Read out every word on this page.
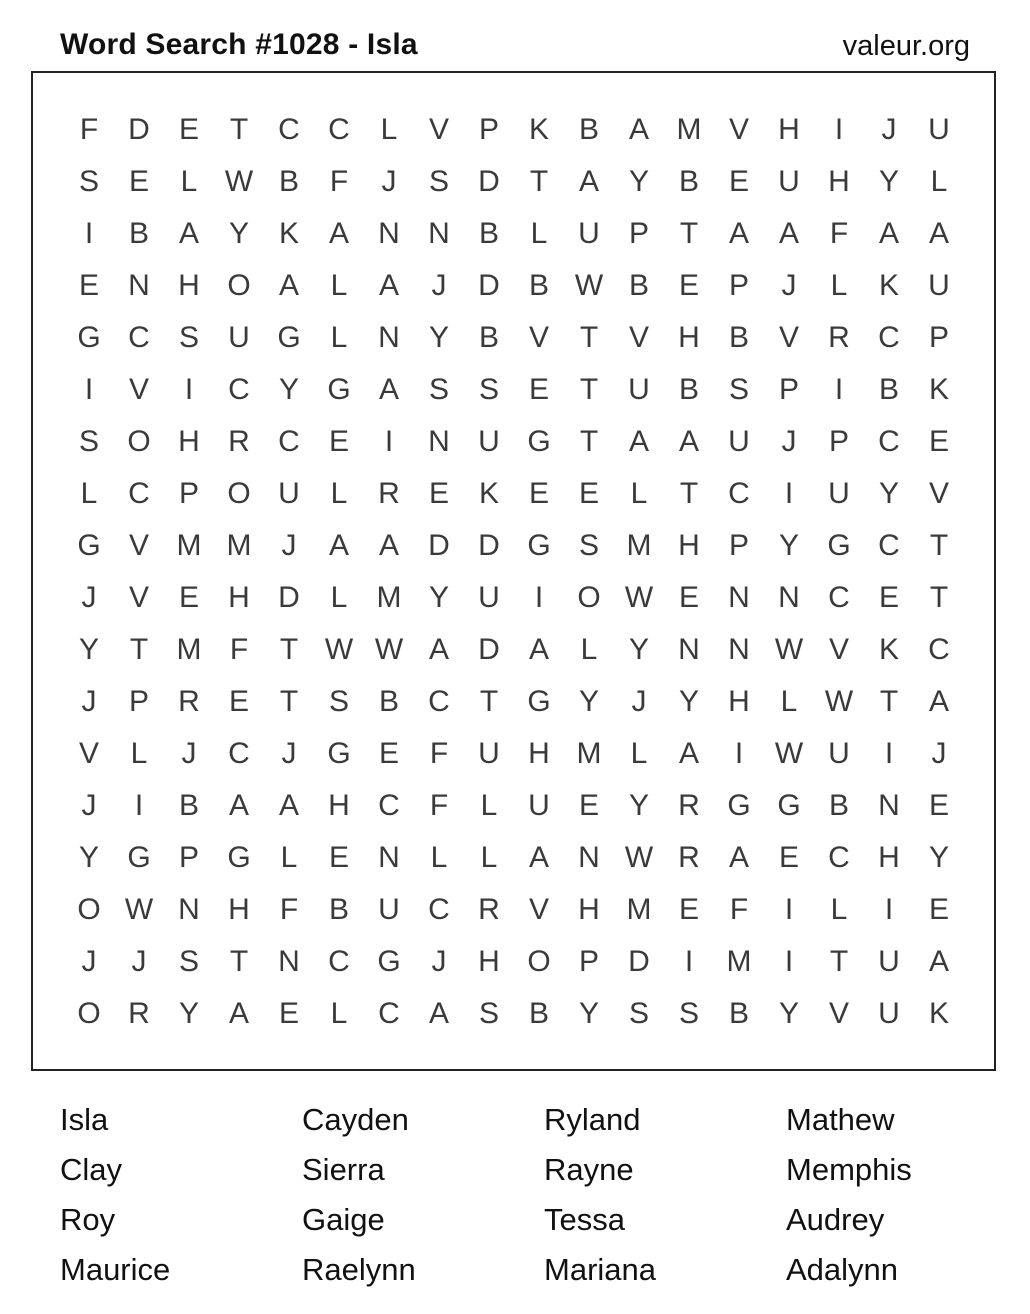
Word Search #1028 - Isla	valeur.org
F	D E	T	C C	L	V P K B A M V H	I	J	U
S E	L W B	F	J	S D	T	A Y B E U H Y	L
I	B A Y K A N N B	L	U P	T	A A	F	A A
E N H O A	L	A	J	D B W B E P	J	L	K U
G C S U G L	N Y B V	T	V H B V R C P
I	V	I	C Y G A S S E	T	U B S P	I	B K
S O H R C E	I	N U G T	A A U	J	P C E
L	C P O U	L	R E K E E	L	T	C	I	U Y V
G V M M	J	A A D D G S M H P Y G C	T
J	V E H D	L M Y U	I	O W E N N C E	T
Y	T M F	T W W A D A	L	Y N N W V K C
J	P R E	T	S B C	T G Y	J	Y H	L W T	A
V	L	J	C	J	G E	F	U H M L	A	I	W U	I	J
J	I	B A A H C	F	L	U E Y R G G B N E
Y G P G L	E N	L	L	A N W R A E C H Y
O W N H	F	B U C R V H M E	F	I	L	I	E
J	J	S	T	N C G	J	H O P D	I	M	I	T	U A
O R Y A E	L	C A S B Y S S B Y V U K
Isla	Cayden	Ryland	Mathew
Clay	Sierra	Rayne	Memphis
Roy	Gaige	Tessa	Audrey
Maurice	Raelynn	Mariana	Adalynn
